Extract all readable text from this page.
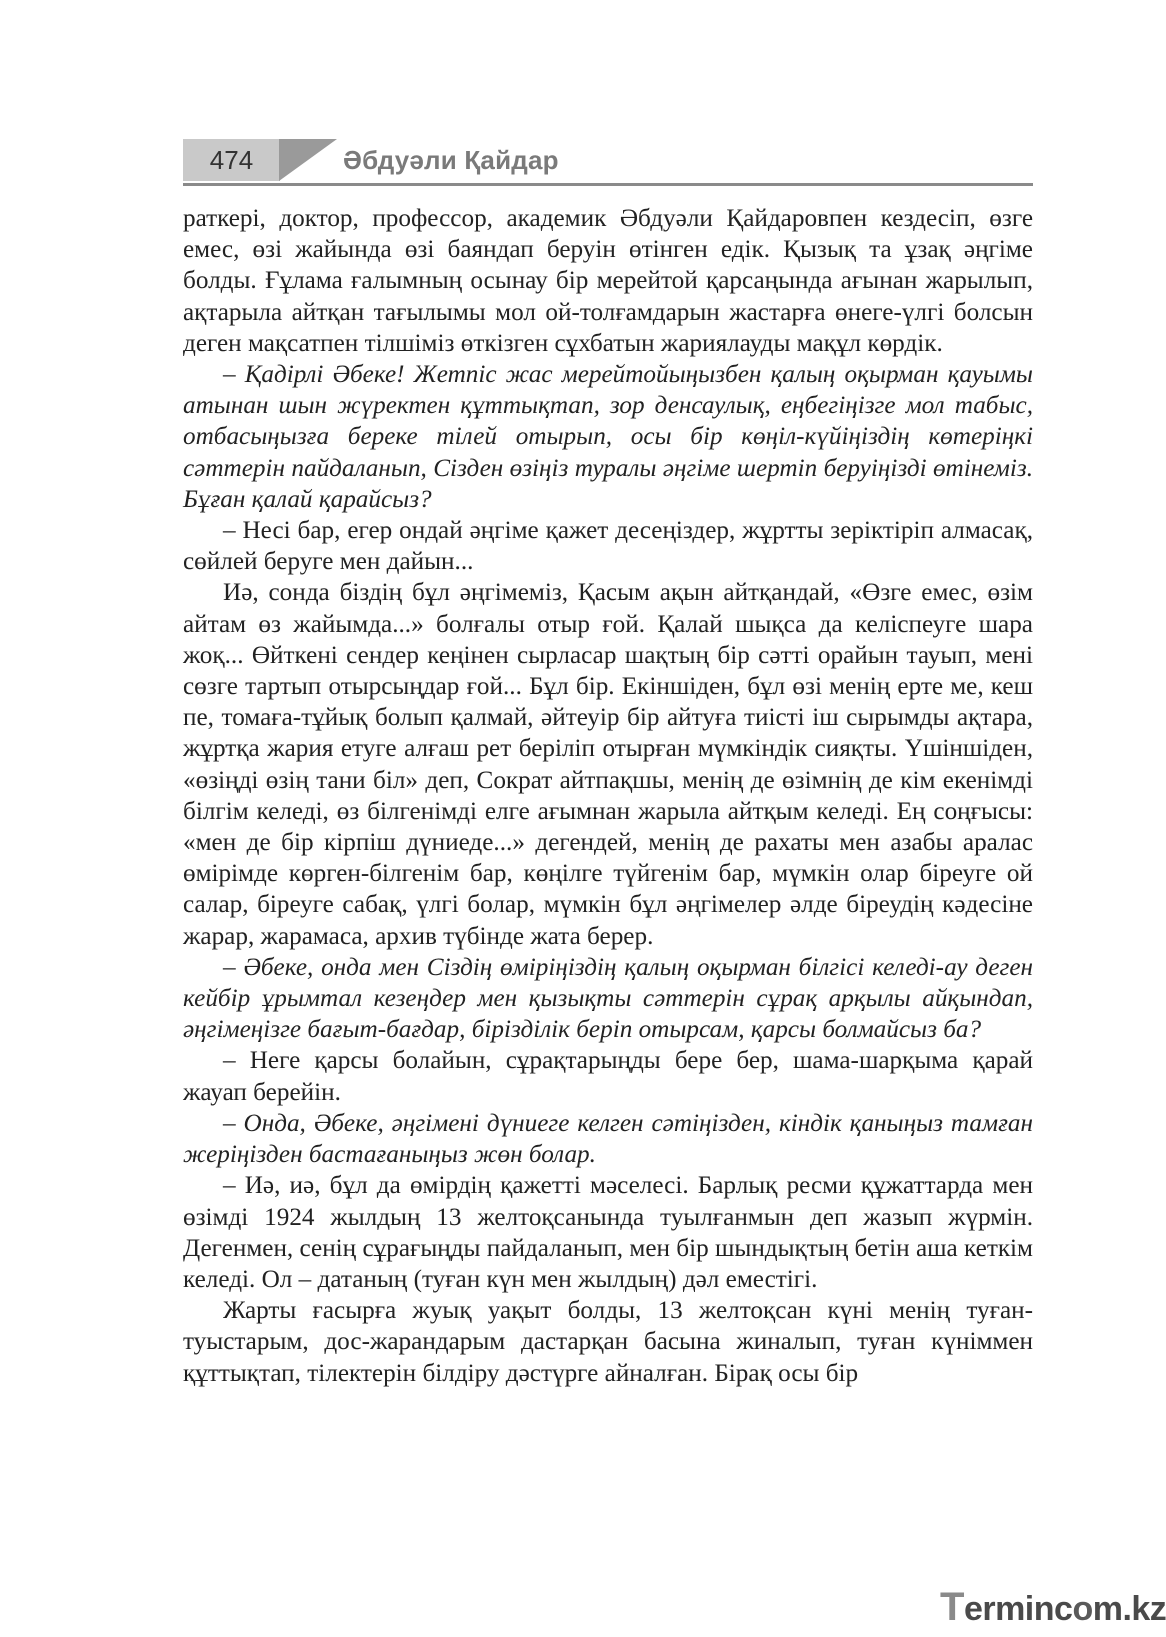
474	Әбдуәли Қайдар

раткері, доктор, профессор, академик Әбдуәли Қайдаровпен кездесіп, өзге емес, өзі жайында өзі баяндап беруін өтінген едік. Қызық та ұзақ әңгіме болды. Ғұлама ғалымның осынау бір мерейтой қарсаңында ағынан жарылып, ақтарыла айтқан тағылымы мол ой-толғамдарын жастарға өнеге-үлгі болсын деген мақсатпен тілшіміз өткізген сұхбатын жариялауды мақұл көрдік.

– Қадірлі Әбеке! Жетпіс жас мерейтойыңызбен қалың оқырман қауымы атынан шын жүректен құттықтап, зор денсаулық, еңбегіңізге мол табыс, отбасыңызға береке тілей отырып, осы бір көңіл-күйіңіздің көтеріңкі сәттерін пайдаланып, Сізден өзіңіз туралы әңгіме шертіп беруіңізді өтінеміз. Бұған қалай қарайсыз?

– Несі бар, егер ондай әңгіме қажет десеңіздер, жұртты зеріктіріп алмасақ, сөйлей беруге мен дайын...

Иә, сонда біздің бұл әңгімеміз, Қасым ақын айтқандай, «Өзге емес, өзім айтам өз жайымда...» болғалы отыр ғой. Қалай шықса да келіспеуге шара жоқ... Өйткені сендер кеңінен сырласар шақтың бір сәтті орайын тауып, мені сөзге тартып отырсыңдар ғой... Бұл бір. Екіншіден, бұл өзі менің ерте ме, кеш пе, томаға-тұйық болып қалмай, әйтеуір бір айтуға тиісті іш сырымды ақтара, жұртқа жария етуге алғаш рет беріліп отырған мүмкіндік сияқты. Үшіншіден, «өзіңді өзің тани біл» деп, Сократ айтпақшы, менің де өзімнің де кім екенімді білгім келеді, өз білгенімді елге ағымнан жарыла айтқым келеді. Ең соңғысы: «мен де бір кірпіш дүниеде...» дегендей, менің де рахаты мен азабы аралас өмірімде көрген-білгенім бар, көңілге түйгенім бар, мүмкін олар біреуге ой салар, біреуге сабақ, үлгі болар, мүмкін бұл әңгімелер әлде біреудің кәдесіне жарар, жарамаса, архив түбінде жата берер.

– Әбеке, онда мен Сіздің өміріңіздің қалың оқырман білгісі келеді-ау деген кейбір ұрымтал кезеңдер мен қызықты сәттерін сұрақ арқылы айқындап, әңгімеңізге бағыт-бағдар, бірізділік беріп отырсам, қарсы болмайсыз ба?

– Неге қарсы болайын, сұрақтарыңды бере бер, шама-шарқыма қарай жауап берейін.

– Онда, Әбеке, әңгімені дүниеге келген сәтіңізден, кіндік қаныңыз тамған жеріңізден бастағаныңыз жөн болар.

– Иә, иә, бұл да өмірдің қажетті мәселесі. Барлық ресми құжаттарда мен өзімді 1924 жылдың 13 желтоқсанында туылғанмын деп жазып жүрмін. Дегенмен, сенің сұрағыңды пайдаланып, мен бір шындықтың бетін аша кеткім келеді. Ол – датаның (туған күн мен жылдың) дәл еместігі.

Жарты ғасырға жуық уақыт болды, 13 желтоқсан күні менің туған-туыстарым, дос-жарандарым дастарқан басына жиналып, туған күніммен құттықтап, тілектерін білдіру дәстүрге айналған. Бірақ осы бір

Termincom.kz
